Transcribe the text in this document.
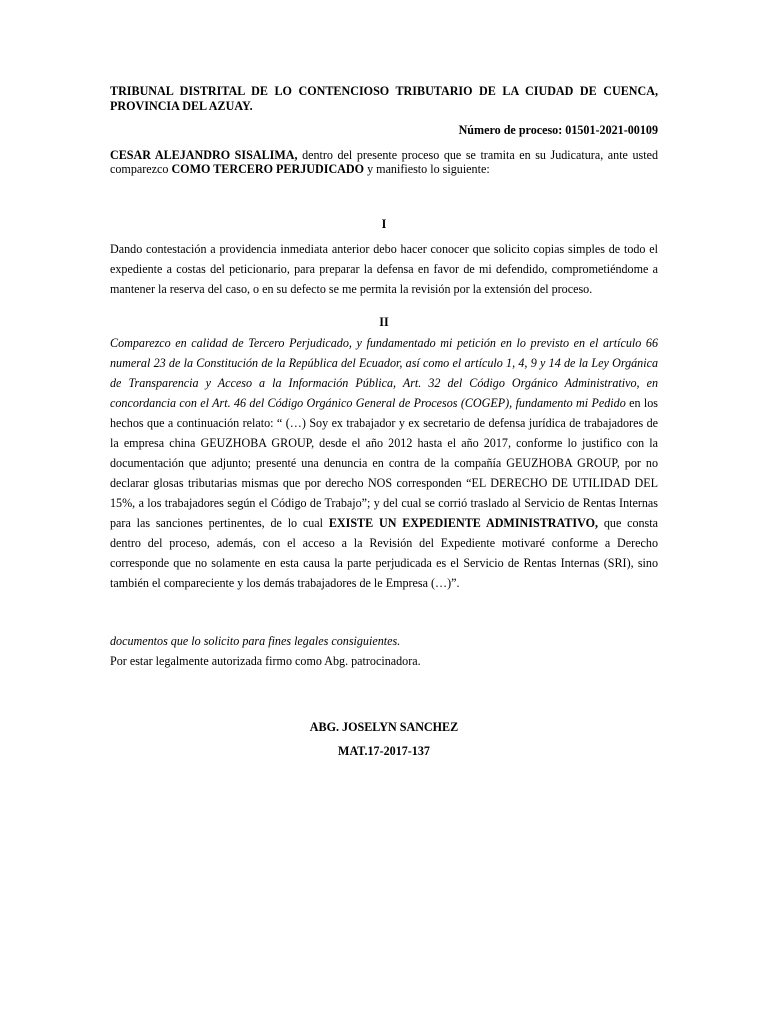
TRIBUNAL DISTRITAL DE LO CONTENCIOSO TRIBUTARIO DE LA CIUDAD DE CUENCA, PROVINCIA DEL AZUAY.

Número de proceso: 01501-2021-00109

CESAR ALEJANDRO SISALIMA, dentro del presente proceso que se tramita en su Judicatura, ante usted comparezco COMO TERCERO PERJUDICADO y manifiesto lo siguiente:

I

Dando contestación a providencia inmediata anterior debo hacer conocer que solicito copias simples de todo el expediente a costas del peticionario, para preparar la defensa en favor de mi defendido, comprometiéndome a mantener la reserva del caso, o en su defecto se me permita la revisión por la extensión del proceso.

II

Comparezco en calidad de Tercero Perjudicado, y fundamentado mi petición en lo previsto en el artículo 66 numeral 23 de la Constitución de la República del Ecuador, así como el artículo 1, 4, 9 y 14 de la Ley Orgánica de Transparencia y Acceso a la Información Pública, Art. 32 del Código Orgánico Administrativo, en concordancia con el Art. 46 del Código Orgánico General de Procesos (COGEP), fundamento mi Pedido en los hechos que a continuación relato: “ (…) Soy ex trabajador y ex secretario de defensa jurídica de trabajadores de la empresa china GEUZHOBA GROUP, desde el año 2012 hasta el año 2017, conforme lo justifico con la documentación que adjunto; presenté una denuncia en contra de la compañía GEUZHOBA GROUP, por no declarar glosas tributarias mismas que por derecho NOS corresponden “EL DERECHO DE UTILIDAD DEL 15%, a los trabajadores según el Código de Trabajo”; y del cual se corrió traslado al Servicio de Rentas Internas para las sanciones pertinentes, de lo cual EXISTE UN EXPEDIENTE ADMINISTRATIVO, que consta dentro del proceso, además, con el acceso a la Revisión del Expediente motivaré conforme a Derecho corresponde que no solamente en esta causa la parte perjudicada es el Servicio de Rentas Internas (SRI), sino también el compareciente y los demás trabajadores de le Empresa (…)”.

documentos que lo solicito para fines legales consiguientes.

Por estar legalmente autorizada firmo como Abg. patrocinadora.

ABG. JOSELYN SANCHEZ

MAT.17-2017-137
